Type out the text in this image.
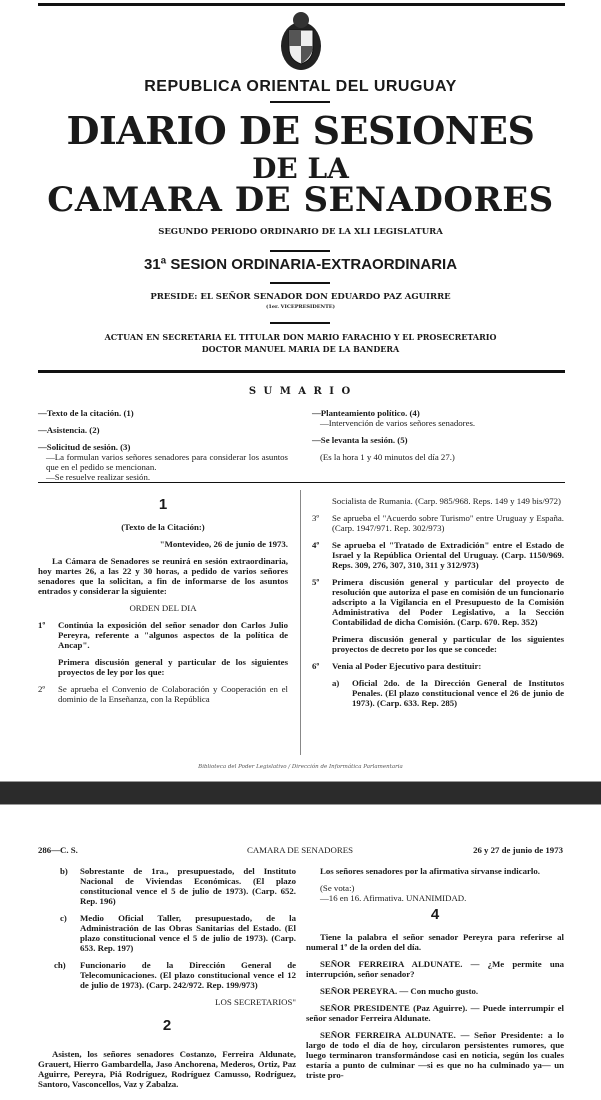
REPUBLICA ORIENTAL DEL URUGUAY
DIARIO DE SESIONES
DE LA
CAMARA DE SENADORES
SEGUNDO PERIODO ORDINARIO DE LA XLI LEGISLATURA
31ª SESION ORDINARIA-EXTRAORDINARIA
PRESIDE: EL SEÑOR SENADOR DON EDUARDO PAZ AGUIRRE
(1er. VICEPRESIDENTE)
ACTUAN EN SECRETARIA EL TITULAR DON MARIO FARACHIO Y EL PROSECRETARIO
DOCTOR MANUEL MARIA DE LA BANDERA
S U M A R I O

—Texto de la citación. (1)

—Asistencia. (2)

—Solicitud de sesión. (3)
—La formulan varios señores senadores para considerar los asuntos que en el pedido se mencionan.
—Se resuelve realizar sesión.
—Planteamiento político. (4)

—Intervención de varios señores senadores.

—Se levanta la sesión. (5)

(Es la hora 1 y 40 minutos del día 27.)

1

(Texto de la Citación:)

"Montevideo, 26 de junio de 1973.

La Cámara de Senadores se reunirá en sesión extraordinaria, hoy martes 26, a las 22 y 30 horas, a pedido de varios señores senadores que la solicitan, a fin de informarse de los asuntos entrados y considerar la siguiente:

ORDEN DEL DIA

1º	Continúa la exposición del señor senador don Carlos Julio Pereyra, referente a "algunos aspectos de la política de Ancap".

Primera discusión general y particular de los siguientes proyectos de ley por los que:

2º	Se aprueba el Convenio de Colaboración y Cooperación en el dominio de la Enseñanza, con la República

Socialista de Rumania. (Carp. 985/968. Reps. 149 y 149 bis/972)

3º	Se aprueba el "Acuerdo sobre Turismo" entre Uruguay y España. (Carp. 1947/971. Rep. 302/973)

4º	Se aprueba el "Tratado de Extradición" entre el Estado de Israel y la República Oriental del Uruguay. (Carp. 1150/969. Reps. 309, 276, 307, 310, 311 y 312/973)

5º	Primera discusión general y particular del proyecto de resolución que autoriza el pase en comisión de un funcionario adscripto a la Vigilancia en el Presupuesto de la Comisión Administrativa del Poder Legislativo, a la Sección Contabilidad de dicha Comisión. (Carp. 670. Rep. 352)

Primera discusión general y particular de los siguientes proyectos de decreto por los que se concede:

6º	Venia al Poder Ejecutivo para destituir:

a)	Oficial 2do. de la Dirección General de Institutos Penales. (El plazo constitucional vence el 26 de junio de 1973). (Carp. 633. Rep. 285)

Biblioteca del Poder Legislativo / Dirección de Informática Parlamentaria
286—C. S.	CAMARA DE SENADORES	26 y 27 de junio de 1973

b)	Sobrestante de 1ra., presupuestado, del Instituto Nacional de Viviendas Económicas. (El plazo constitucional vence el 5 de julio de 1973). (Carp. 652. Rep. 196)

c)	Medio Oficial Taller, presupuestado, de la Administración de las Obras Sanitarias del Estado. (El plazo constitucional vence el 5 de julio de 1973). (Carp. 653. Rep. 197)

ch)	Funcionario de la Dirección General de Telecomunicaciones. (El plazo constitucional vence el 12 de julio de 1973). (Carp. 242/972. Rep. 199/973)

LOS SECRETARIOS"

2

Asisten, los señores senadores Costanzo, Ferreira Aldunate, Grauert, Hierro Gambardella, Jaso Anchorena, Mederos, Ortiz, Paz Aguirre, Pereyra, Piá Rodríguez, Rodríguez Camusso, Rodríguez, Santoro, Vasconcellos, Vaz y Zabalza.

Los señores senadores por la afirmativa sírvanse indicarlo.

(Se vota:)

—16 en 16. Afirmativa. UNANIMIDAD.

4

Tiene la palabra el señor senador Pereyra para referirse al numeral 1º de la orden del día.

SEÑOR FERREIRA ALDUNATE. — ¿Me permite una interrupción, señor senador?

SEÑOR PEREYRA. — Con mucho gusto.

SEÑOR PRESIDENTE (Paz Aguirre). — Puede interrumpir el señor senador Ferreira Aldunate.

SEÑOR FERREIRA ALDUNATE. — Señor Presidente: a lo largo de todo el día de hoy, circularon persistentes rumores, que luego terminaron transformándose casi en noticia, según los cuales estaría a punto de culminar —si es que no ha culminado ya— un triste pro-
